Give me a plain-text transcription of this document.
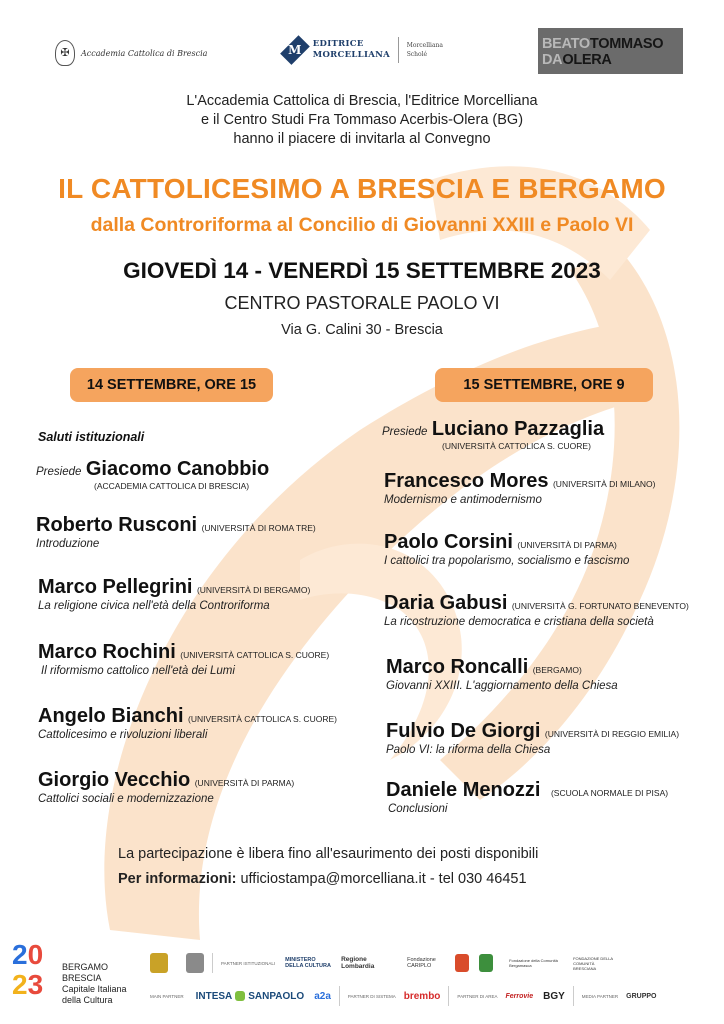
✠	Accademia Cattolica di Brescia	M EDITRICE
MORCELLIANA
Morcelliana
Scholé
BEATOTOMMASO
DAOLERA
L'Accademia Cattolica di Brescia, l'Editrice Morcelliana
e il Centro Studi Fra Tommaso Acerbis-Olera (BG)
hanno il piacere di invitarla al Convegno
IL CATTOLICESIMO A BRESCIA E BERGAMO
dalla Controriforma al Concilio di Giovanni XXIII e Paolo VI
GIOVEDÌ 14 - VENERDÌ 15 SETTEMBRE 2023
CENTRO PASTORALE PAOLO VI
Via G. Calini 30 - Brescia
14 SETTEMBRE, ORE 15	15 SETTEMBRE, ORE 9
Saluti istituzionali
Presiede Giacomo Canobbio
(ACCADEMIA CATTOLICA DI BRESCIA)
Roberto Rusconi (UNIVERSITÀ DI ROMA TRE)
Introduzione
Marco Pellegrini (UNIVERSITÀ DI BERGAMO)
La religione civica nell'età della Controriforma
Marco Rochini (UNIVERSITÀ CATTOLICA S. CUORE)
Il riformismo cattolico nell'età dei Lumi
Angelo Bianchi (UNIVERSITÀ CATTOLICA S. CUORE)
Cattolicesimo e rivoluzioni liberali
Giorgio Vecchio (UNIVERSITÀ DI PARMA)
Cattolici sociali e modernizzazione
Presiede Luciano Pazzaglia
(UNIVERSITÀ CATTOLICA S. CUORE)
Francesco Mores (UNIVERSITÀ DI MILANO)
Modernismo e antimodernismo
Paolo Corsini (UNIVERSITÀ DI PARMA)
I cattolici tra popolarismo, socialismo e fascismo
Daria Gabusi (UNIVERSITÀ G. FORTUNATO BENEVENTO)
La ricostruzione democratica e cristiana della società
Marco Roncalli (BERGAMO)
Giovanni XXIII. L'aggiornamento della Chiesa
Fulvio De Giorgi (UNIVERSITÀ DI REGGIO EMILIA)
Paolo VI: la riforma della Chiesa
Daniele Menozzi (SCUOLA NORMALE DI PISA)
Conclusioni
La partecipazione è libera fino all'esaurimento dei posti disponibili
Per informazioni: ufficiostampa@morcelliana.it - tel 030 46451
20
23
BERGAMO
BRESCIA
Capitale Italiana
della Cultura
PARTNER ISTITUZIONALI MINISTERO DELLA CULTURA
Regione Lombardia
Fondazione CARIPLO
Fondazione della Comunità Bergamasca
FONDAZIONE DELLA COMUNITÀ BRESCIANA
MAIN PARTNER INTESA SANPAOLO a2a	PARTNER DI SISTEMA brembo	PARTNER DI AREA Ferrovie BGY	MEDIA PARTNER GRUPPO
